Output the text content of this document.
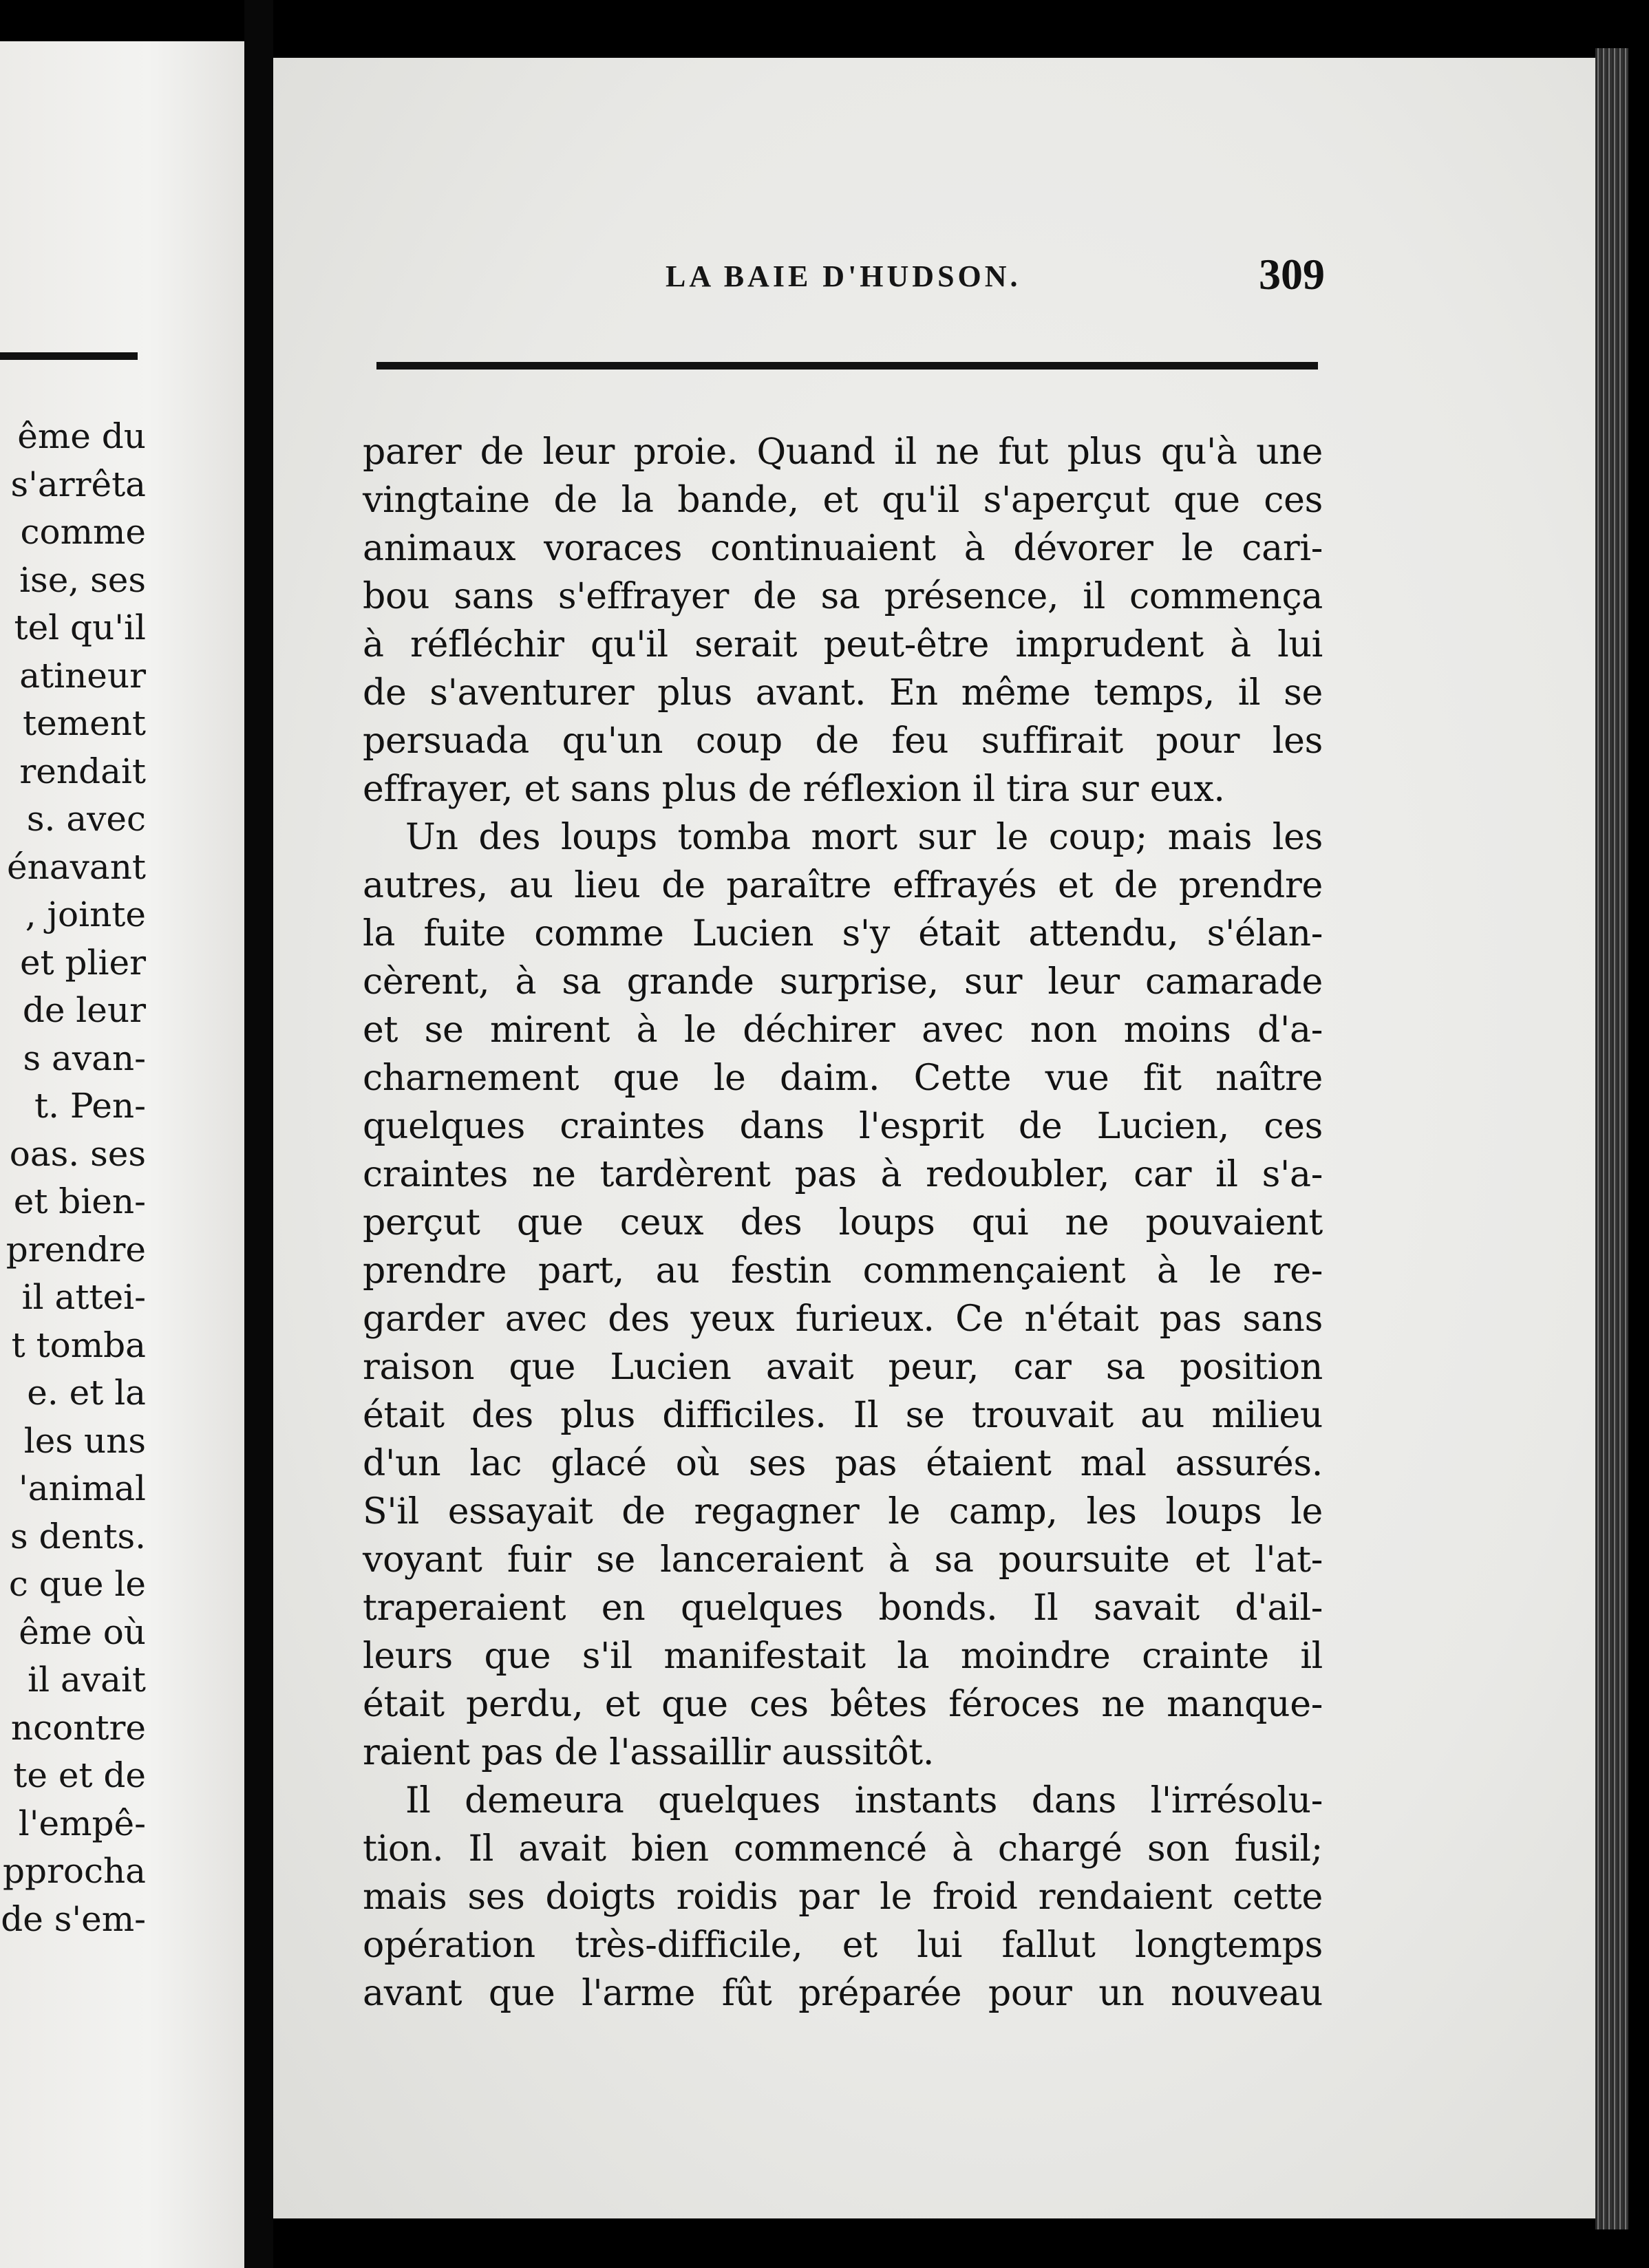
ême du
s'arrêta
comme
ise, ses
tel qu'il
atineur
tement
rendait
s. avec
énavant
, jointe
et plier
de leur
s avan-
t. Pen-
oas. ses
et bien-
prendre
il attei-
t tomba
e. et la
les uns
'animal
s dents.
c que le
ême où
il avait
ncontre
te et de
l'empê-
pprocha
de s'em-
LA BAIE D'HUDSON.	309
parer de leur proie. Quand il ne fut plus qu'à une
vingtaine de la bande, et qu'il s'aperçut que ces
animaux voraces continuaient à dévorer le cari-
bou sans s'effrayer de sa présence, il commença
à réfléchir qu'il serait peut-être imprudent à lui
de s'aventurer plus avant. En même temps, il se
persuada qu'un coup de feu suffirait pour les
effrayer, et sans plus de réflexion il tira sur eux.
Un des loups tomba mort sur le coup; mais les
autres, au lieu de paraître effrayés et de prendre
la fuite comme Lucien s'y était attendu, s'élan-
cèrent, à sa grande surprise, sur leur camarade
et se mirent à le déchirer avec non moins d'a-
charnement que le daim. Cette vue fit naître
quelques craintes dans l'esprit de Lucien, ces
craintes ne tardèrent pas à redoubler, car il s'a-
perçut que ceux des loups qui ne pouvaient
prendre part, au festin commençaient à le re-
garder avec des yeux furieux. Ce n'était pas sans
raison que Lucien avait peur, car sa position
était des plus difficiles. Il se trouvait au milieu
d'un lac glacé où ses pas étaient mal assurés.
S'il essayait de regagner le camp, les loups le
voyant fuir se lanceraient à sa poursuite et l'at-
traperaient en quelques bonds. Il savait d'ail-
leurs que s'il manifestait la moindre crainte il
était perdu, et que ces bêtes féroces ne manque-
raient pas de l'assaillir aussitôt.
Il demeura quelques instants dans l'irrésolu-
tion. Il avait bien commencé à chargé son fusil;
mais ses doigts roidis par le froid rendaient cette
opération très-difficile, et lui fallut longtemps
avant que l'arme fût préparée pour un nouveau
